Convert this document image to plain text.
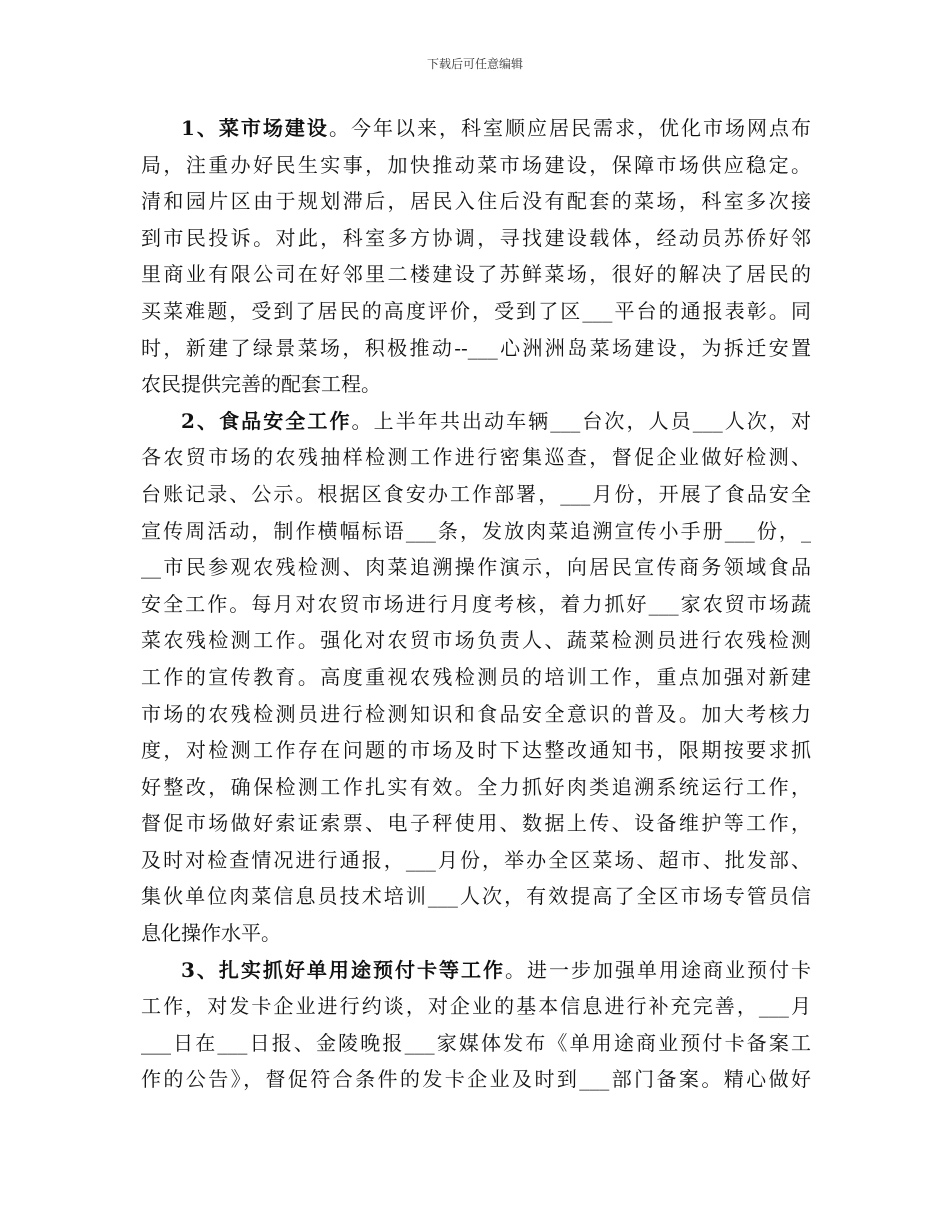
下载后可任意编辑
1、菜市场建设。今年以来，科室顺应居民需求，优化市场网点布
局，注重办好民生实事，加快推动菜市场建设，保障市场供应稳定。
清和园片区由于规划滞后，居民入住后没有配套的菜场，科室多次接
到市民投诉。对此，科室多方协调，寻找建设载体，经动员苏侨好邻
里商业有限公司在好邻里二楼建设了苏鲜菜场，很好的解决了居民的
买菜难题，受到了居民的高度评价，受到了区___平台的通报表彰。同
时，新建了绿景菜场，积极推动--___心洲洲岛菜场建设，为拆迁安置
农民提供完善的配套工程。
2、食品安全工作。上半年共出动车辆___台次，人员___人次，对
各农贸市场的农残抽样检测工作进行密集巡查，督促企业做好检测、
台账记录、公示。根据区食安办工作部署，___月份，开展了食品安全
宣传周活动，制作横幅标语___条，发放肉菜追溯宣传小手册___份，_
__市民参观农残检测、肉菜追溯操作演示，向居民宣传商务领域食品
安全工作。每月对农贸市场进行月度考核，着力抓好___家农贸市场蔬
菜农残检测工作。强化对农贸市场负责人、蔬菜检测员进行农残检测
工作的宣传教育。高度重视农残检测员的培训工作，重点加强对新建
市场的农残检测员进行检测知识和食品安全意识的普及。加大考核力
度，对检测工作存在问题的市场及时下达整改通知书，限期按要求抓
好整改，确保检测工作扎实有效。全力抓好肉类追溯系统运行工作，
督促市场做好索证索票、电子秤使用、数据上传、设备维护等工作，
及时对检查情况进行通报，___月份，举办全区菜场、超市、批发部、
集伙单位肉菜信息员技术培训___人次，有效提高了全区市场专管员信
息化操作水平。
3、扎实抓好单用途预付卡等工作。进一步加强单用途商业预付卡
工作，对发卡企业进行约谈，对企业的基本信息进行补充完善，___月
___日在___日报、金陵晚报___家媒体发布《单用途商业预付卡备案工
作的公告》，督促符合条件的发卡企业及时到___部门备案。精心做好
